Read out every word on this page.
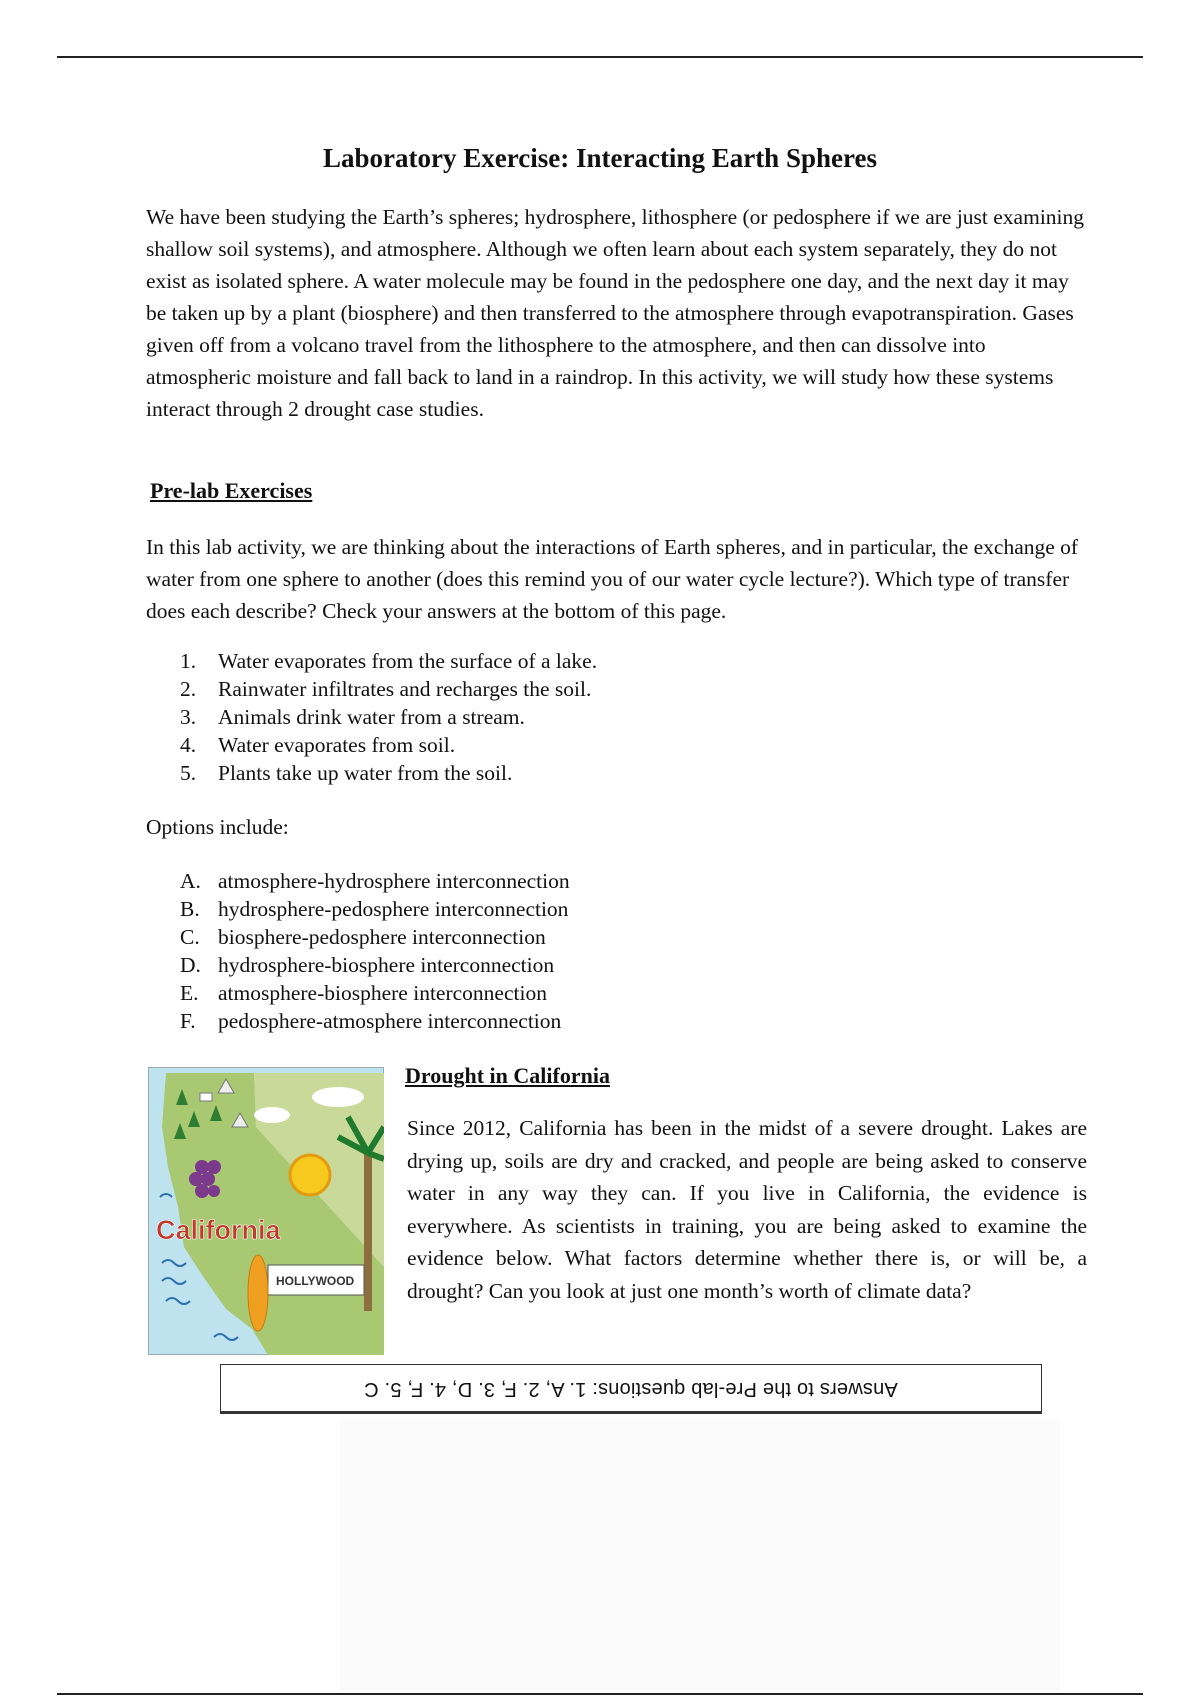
Laboratory Exercise: Interacting Earth Spheres

We have been studying the Earth’s spheres; hydrosphere, lithosphere (or pedosphere if we are just examining shallow soil systems), and atmosphere. Although we often learn about each system separately, they do not exist as isolated sphere. A water molecule may be found in the pedosphere one day, and the next day it may be taken up by a plant (biosphere) and then transferred to the atmosphere through evapotranspiration. Gases given off from a volcano travel from the lithosphere to the atmosphere, and then can dissolve into atmospheric moisture and fall back to land in a raindrop. In this activity, we will study how these systems interact through 2 drought case studies.

Pre-lab Exercises

In this lab activity, we are thinking about the interactions of Earth spheres, and in particular, the exchange of water from one sphere to another (does this remind you of our water cycle lecture?). Which type of transfer does each describe? Check your answers at the bottom of this page.

1.	Water evaporates from the surface of a lake.
2.	Rainwater infiltrates and recharges the soil.
3.	Animals drink water from a stream.
4.	Water evaporates from soil.
5.	Plants take up water from the soil.
Options include:
A. atmosphere-hydrosphere interconnection
B. hydrosphere-pedosphere interconnection
C. biosphere-pedosphere interconnection
D. hydrosphere-biosphere interconnection
E. atmosphere-biosphere interconnection
F.	pedosphere-atmosphere interconnection
California
HOLLYWOOD
Drought in California

Since 2012, California has been in the midst of a severe drought. Lakes are drying up, soils are dry and cracked, and people are being asked to conserve water in any way they can. If you live in California, the evidence is everywhere. As scientists in training, you are being asked to examine the evidence below. What factors determine whether there is, or will be, a drought? Can you look at just one month’s worth of climate data?

Answers to the Pre-lab questions: 1. A, 2. F, 3. D, 4. F, 5. C
